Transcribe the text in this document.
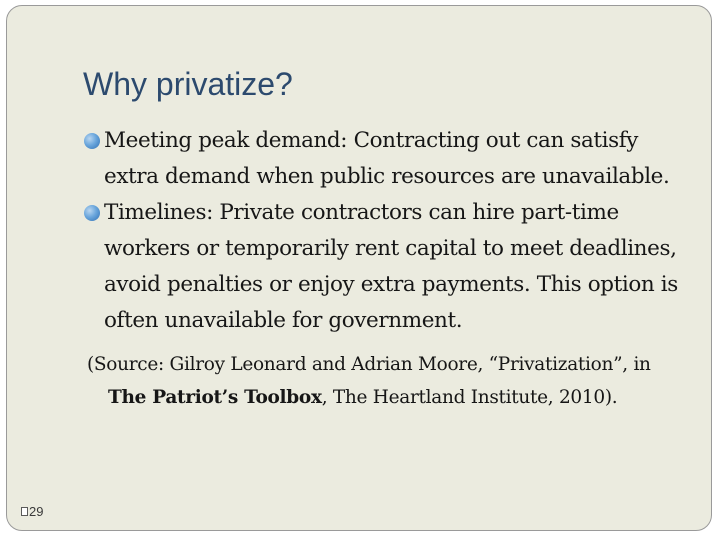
Why privatize?
Meeting peak demand: Contracting out can satisfy extra demand when public resources are unavailable.
Timelines: Private contractors can hire part-time workers or temporarily rent capital to meet deadlines, avoid penalties or enjoy extra payments. This option is often unavailable for government.
(Source: Gilroy Leonard and Adrian Moore, “Privatization”, in
The Patriot’s Toolbox, The Heartland Institute, 2010).
29
